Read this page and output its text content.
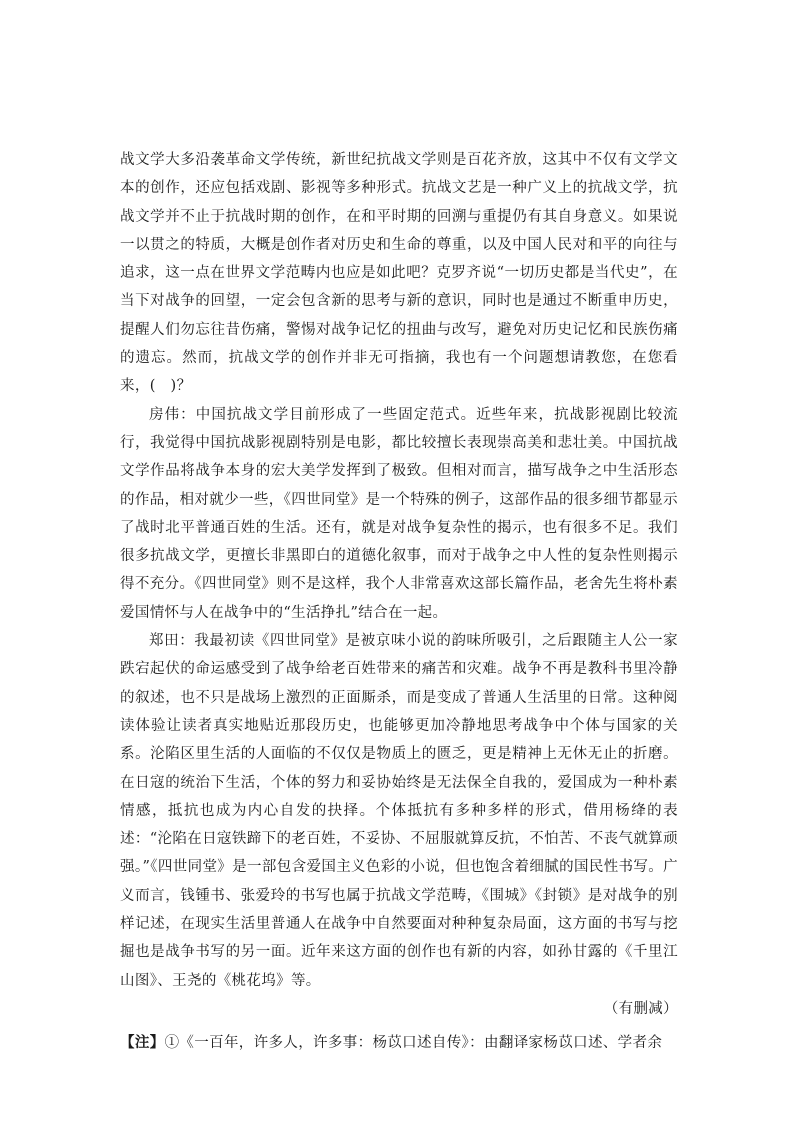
战文学大多沿袭革命文学传统，新世纪抗战文学则是百花齐放，这其中不仅有文学文本的创作，还应包括戏剧、影视等多种形式。抗战文艺是一种广义上的抗战文学，抗战文学并不止于抗战时期的创作，在和平时期的回溯与重提仍有其自身意义。如果说一以贯之的特质，大概是创作者对历史和生命的尊重，以及中国人民对和平的向往与追求，这一点在世界文学范畴内也应是如此吧？克罗齐说“一切历史都是当代史”，在当下对战争的回望，一定会包含新的思考与新的意识，同时也是通过不断重申历史，提醒人们勿忘往昔伤痛，警惕对战争记忆的扭曲与改写，避免对历史记忆和民族伤痛的遗忘。然而，抗战文学的创作并非无可指摘，我也有一个问题想请教您，在您看来，(　)？

房伟：中国抗战文学目前形成了一些固定范式。近些年来，抗战影视剧比较流行，我觉得中国抗战影视剧特别是电影，都比较擅长表现崇高美和悲壮美。中国抗战文学作品将战争本身的宏大美学发挥到了极致。但相对而言，描写战争之中生活形态的作品，相对就少一些，《四世同堂》是一个特殊的例子，这部作品的很多细节都显示了战时北平普通百姓的生活。还有，就是对战争复杂性的揭示，也有很多不足。我们很多抗战文学，更擅长非黑即白的道德化叙事，而对于战争之中人性的复杂性则揭示得不充分。《四世同堂》则不是这样，我个人非常喜欢这部长篇作品，老舍先生将朴素爱国情怀与人在战争中的“生活挣扎”结合在一起。

郑田：我最初读《四世同堂》是被京味小说的韵味所吸引，之后跟随主人公一家跌宕起伏的命运感受到了战争给老百姓带来的痛苦和灾难。战争不再是教科书里冷静的叙述，也不只是战场上激烈的正面厮杀，而是变成了普通人生活里的日常。这种阅读体验让读者真实地贴近那段历史，也能够更加冷静地思考战争中个体与国家的关系。沦陷区里生活的人面临的不仅仅是物质上的匮乏，更是精神上无休无止的折磨。在日寇的统治下生活，个体的努力和妥协始终是无法保全自我的，爱国成为一种朴素情感，抵抗也成为内心自发的抉择。个体抵抗有多种多样的形式，借用杨绛的表述：“沦陷在日寇铁蹄下的老百姓，不妥协、不屈服就算反抗，不怕苦、不丧气就算顽强。”《四世同堂》是一部包含爱国主义色彩的小说，但也饱含着细腻的国民性书写。广义而言，钱锺书、张爱玲的书写也属于抗战文学范畴，《围城》《封锁》是对战争的别样记述，在现实生活里普通人在战争中自然要面对种种复杂局面，这方面的书写与挖掘也是战争书写的另一面。近年来这方面的创作也有新的内容，如孙甘露的《千里江山图》、王尧的《桃花坞》等。

（有删减）

【注】①《一百年，许多人，许多事：杨苡口述自传》：由翻译家杨苡口述、学者余
